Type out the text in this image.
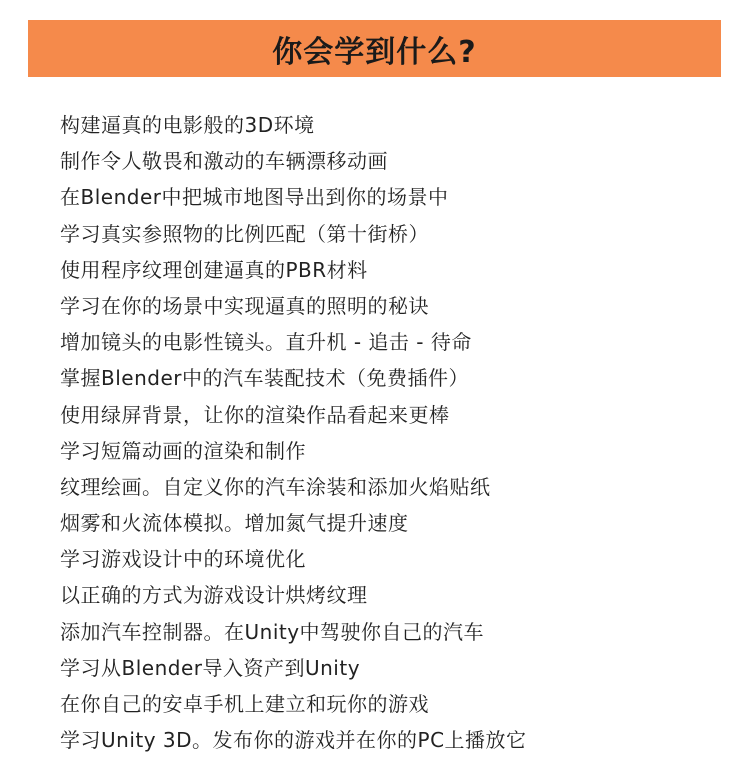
你会学到什么?
构建逼真的电影般的3D环境
制作令人敬畏和激动的车辆漂移动画
在Blender中把城市地图导出到你的场景中
学习真实参照物的比例匹配（第十街桥）
使用程序纹理创建逼真的PBR材料
学习在你的场景中实现逼真的照明的秘诀
增加镜头的电影性镜头。直升机 - 追击 - 待命
掌握Blender中的汽车装配技术（免费插件）
使用绿屏背景，让你的渲染作品看起来更棒
学习短篇动画的渲染和制作
纹理绘画。自定义你的汽车涂装和添加火焰贴纸
烟雾和火流体模拟。增加氮气提升速度
学习游戏设计中的环境优化
以正确的方式为游戏设计烘烤纹理
添加汽车控制器。在Unity中驾驶你自己的汽车
学习从Blender导入资产到Unity
在你自己的安卓手机上建立和玩你的游戏
学习Unity 3D。发布你的游戏并在你的PC上播放它
